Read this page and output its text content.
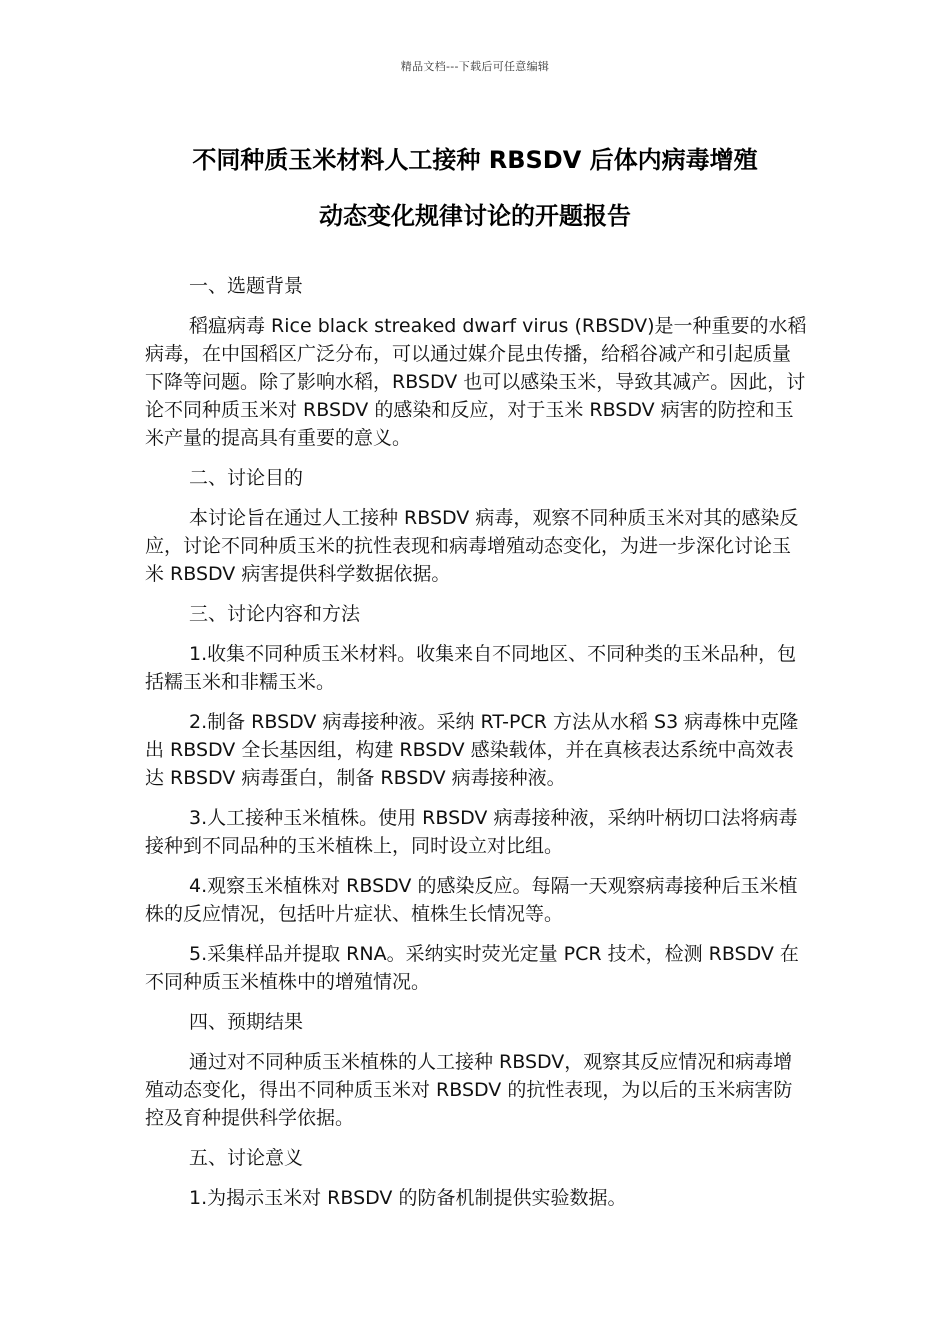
精品文档---下载后可任意编辑
不同种质玉米材料人工接种 RBSDV 后体内病毒增殖
动态变化规律讨论的开题报告
一、选题背景
稻瘟病毒 Rice black streaked dwarf virus (RBSDV)是一种重要的水稻病毒，在中国稻区广泛分布，可以通过媒介昆虫传播，给稻谷减产和引起质量下降等问题。除了影响水稻，RBSDV 也可以感染玉米，导致其减产。因此，讨论不同种质玉米对 RBSDV 的感染和反应，对于玉米 RBSDV 病害的防控和玉米产量的提高具有重要的意义。
二、讨论目的
本讨论旨在通过人工接种 RBSDV 病毒，观察不同种质玉米对其的感染反应，讨论不同种质玉米的抗性表现和病毒增殖动态变化，为进一步深化讨论玉米 RBSDV 病害提供科学数据依据。
三、讨论内容和方法
1.收集不同种质玉米材料。收集来自不同地区、不同种类的玉米品种，包括糯玉米和非糯玉米。
2.制备 RBSDV 病毒接种液。采纳 RT-PCR 方法从水稻 S3 病毒株中克隆出 RBSDV 全长基因组，构建 RBSDV 感染载体，并在真核表达系统中高效表达 RBSDV 病毒蛋白，制备 RBSDV 病毒接种液。
3.人工接种玉米植株。使用 RBSDV 病毒接种液，采纳叶柄切口法将病毒接种到不同品种的玉米植株上，同时设立对比组。
4.观察玉米植株对 RBSDV 的感染反应。每隔一天观察病毒接种后玉米植株的反应情况，包括叶片症状、植株生长情况等。
5.采集样品并提取 RNA。采纳实时荧光定量 PCR 技术，检测 RBSDV 在不同种质玉米植株中的增殖情况。
四、预期结果
通过对不同种质玉米植株的人工接种 RBSDV，观察其反应情况和病毒增殖动态变化，得出不同种质玉米对 RBSDV 的抗性表现，为以后的玉米病害防控及育种提供科学依据。
五、讨论意义
1.为揭示玉米对 RBSDV 的防备机制提供实验数据。
